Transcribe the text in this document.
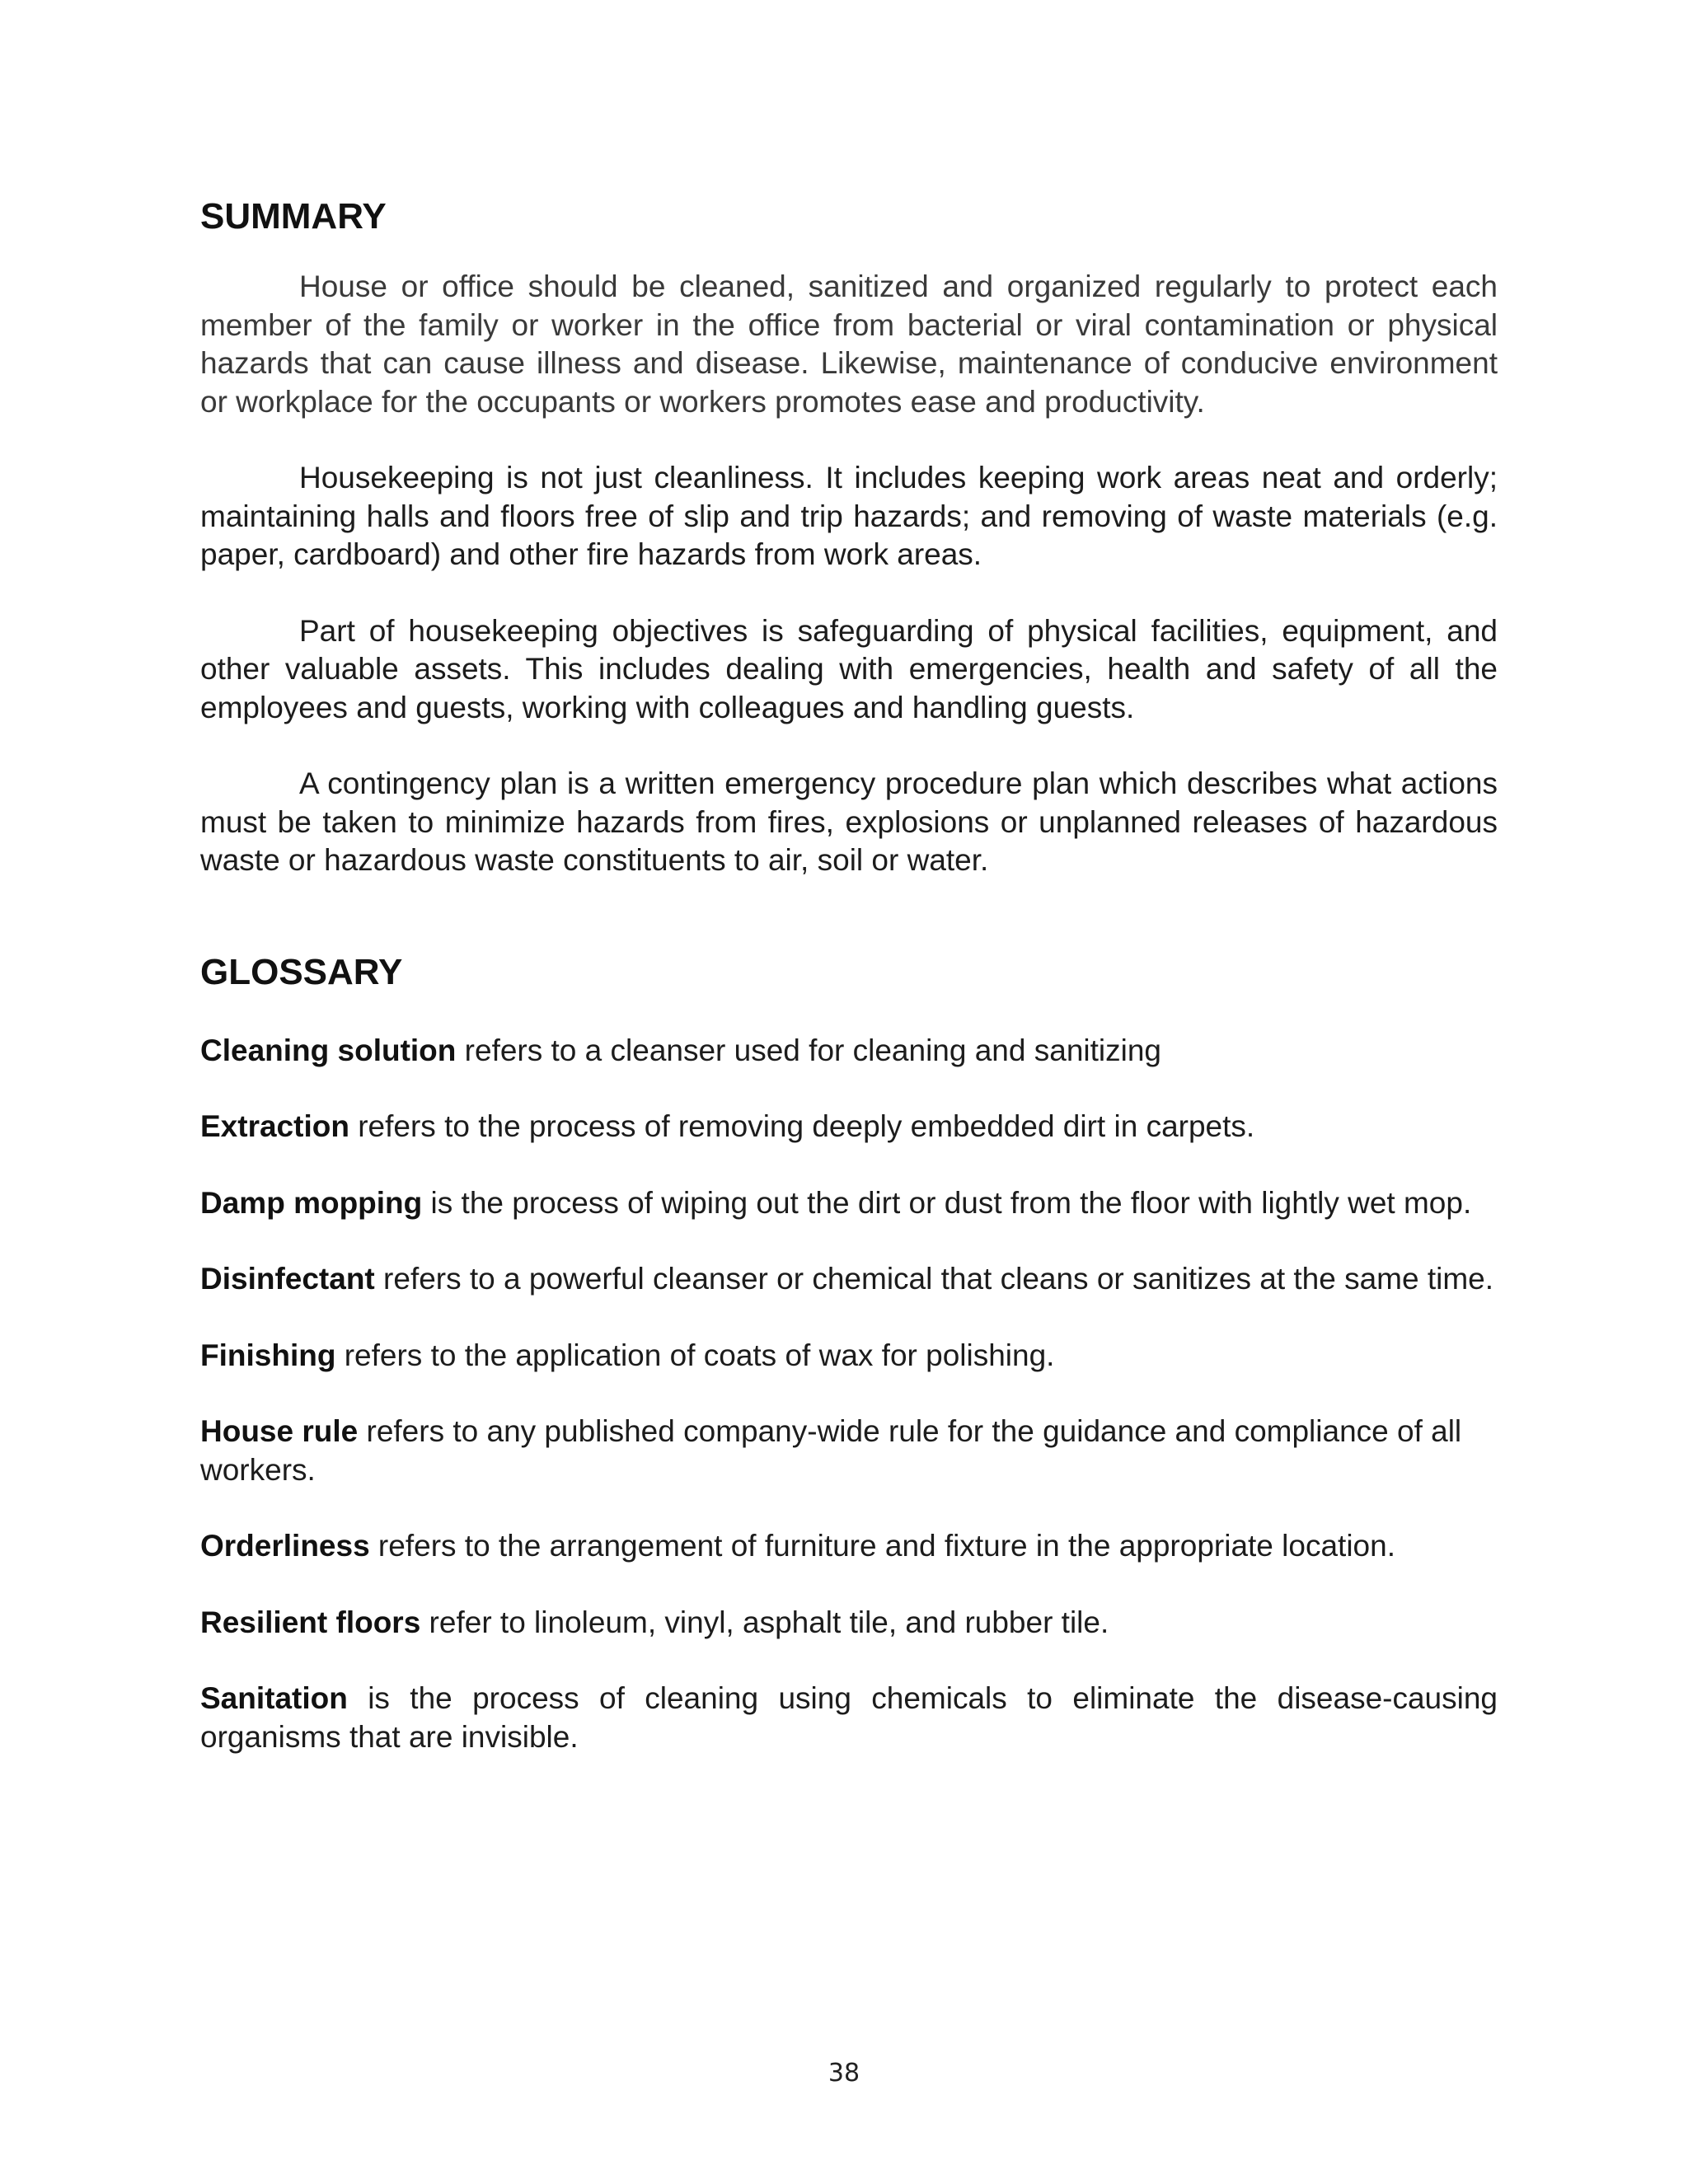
SUMMARY

House or office should be cleaned, sanitized and organized regularly to protect each member of the family or worker in the office from bacterial or viral contamination or physical hazards that can cause illness and disease. Likewise, maintenance of conducive environment or workplace for the occupants or workers promotes ease and productivity.

Housekeeping is not just cleanliness. It includes keeping work areas neat and orderly; maintaining halls and floors free of slip and trip hazards; and removing of waste materials (e.g. paper, cardboard) and other fire hazards from work areas.

Part of housekeeping objectives is safeguarding of physical facilities, equipment, and other valuable assets. This includes dealing with emergencies, health and safety of all the employees and guests, working with colleagues and handling guests.

A contingency plan is a written emergency procedure plan which describes what actions must be taken to minimize hazards from fires, explosions or unplanned releases of hazardous waste or hazardous waste constituents to air, soil or water.

GLOSSARY

Cleaning solution refers to a cleanser used for cleaning and sanitizing

Extraction refers to the process of removing deeply embedded dirt in carpets.

Damp mopping is the process of wiping out the dirt or dust from the floor with lightly wet mop.

Disinfectant refers to a powerful cleanser or chemical that cleans or sanitizes at the same time.

Finishing refers to the application of coats of wax for polishing.

House rule refers to any published company-wide rule for the guidance and compliance of all workers.

Orderliness refers to the arrangement of furniture and fixture in the appropriate location.

Resilient floors refer to linoleum, vinyl, asphalt tile, and rubber tile.

Sanitation is the process of cleaning using chemicals to eliminate the disease-causing organisms that are invisible.

38
